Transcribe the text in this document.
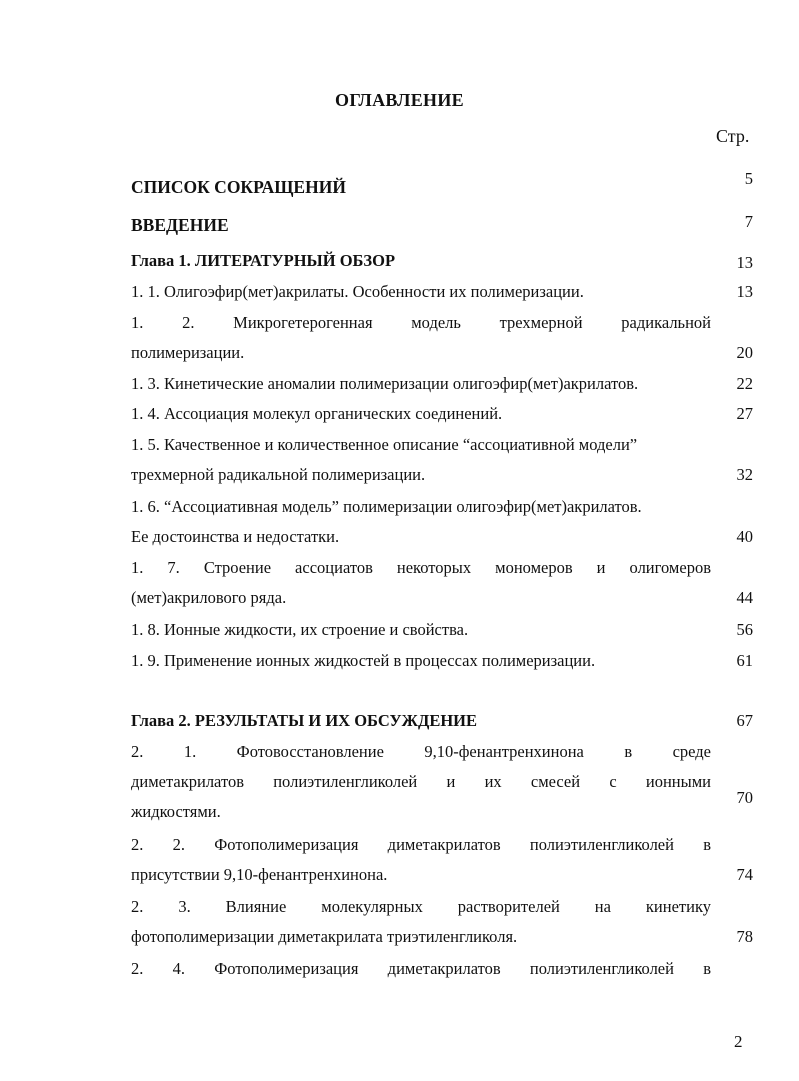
ОГЛАВЛЕНИЕ
Стр.
СПИСОК СОКРАЩЕНИЙ	5
ВВЕДЕНИЕ	7
Глава 1. ЛИТЕРАТУРНЫЙ ОБЗОР	13
1. 1. Олигоэфир(мет)акрилаты. Особенности их полимеризации.	13
1. 2. Микрогетерогенная модель трехмерной радикальной
полимеризации.	20
1. 3. Кинетические аномалии полимеризации олигоэфир(мет)акрилатов.	22
1. 4. Ассоциация молекул органических соединений.	27
1. 5. Качественное и количественное описание “ассоциативной модели”
трехмерной радикальной полимеризации.	32
1. 6. “Ассоциативная модель” полимеризации олигоэфир(мет)акрилатов.
Ее достоинства и недостатки.	40
1. 7. Строение ассоциатов некоторых мономеров и олигомеров
(мет)акрилового ряда.	44
1. 8. Ионные жидкости, их строение и свойства.	56
1. 9. Применение ионных жидкостей в процессах полимеризации.	61
Глава 2. РЕЗУЛЬТАТЫ И ИХ ОБСУЖДЕНИЕ	67
2. 1. Фотовосстановление 9,10-фенантренхинона в среде
диметакрилатов полиэтиленгликолей и их смесей с ионными
жидкостями.
70
2. 2. Фотополимеризация диметакрилатов полиэтиленгликолей в
присутствии 9,10-фенантренхинона.	74
2. 3. Влияние молекулярных растворителей на кинетику
фотополимеризации диметакрилата триэтиленгликоля.	78
2. 4. Фотополимеризация диметакрилатов полиэтиленгликолей в
2
